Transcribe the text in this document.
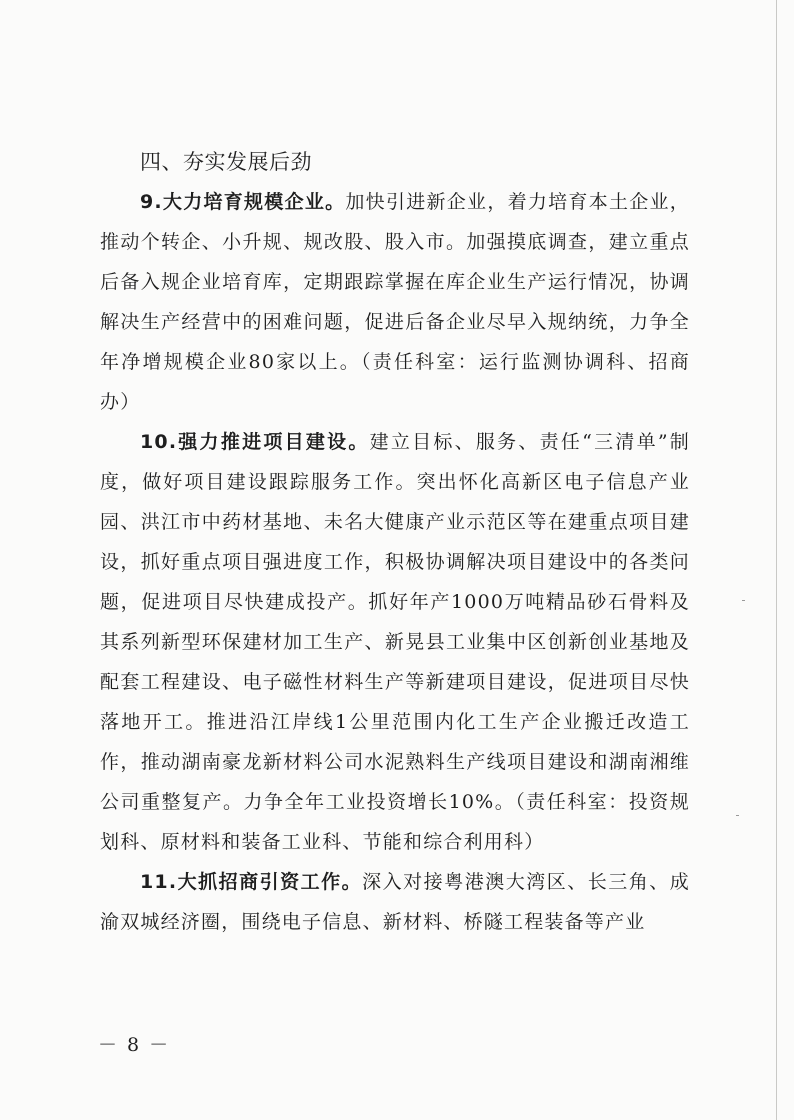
四、夯实发展后劲

9.大力培育规模企业。加快引进新企业，着力培育本土企业，推动个转企、小升规、规改股、股入市。加强摸底调查，建立重点后备入规企业培育库，定期跟踪掌握在库企业生产运行情况，协调解决生产经营中的困难问题，促进后备企业尽早入规纳统，力争全年净增规模企业80家以上。（责任科室：运行监测协调科、招商办）

10.强力推进项目建设。建立目标、服务、责任“三清单”制度，做好项目建设跟踪服务工作。突出怀化高新区电子信息产业园、洪江市中药材基地、未名大健康产业示范区等在建重点项目建设，抓好重点项目强进度工作，积极协调解决项目建设中的各类问题，促进项目尽快建成投产。抓好年产1000万吨精品砂石骨料及其系列新型环保建材加工生产、新晃县工业集中区创新创业基地及配套工程建设、电子磁性材料生产等新建项目建设，促进项目尽快落地开工。推进沿江岸线1公里范围内化工生产企业搬迁改造工作，推动湖南豪龙新材料公司水泥熟料生产线项目建设和湖南湘维公司重整复产。力争全年工业投资增长10%。（责任科室：投资规划科、原材料和装备工业科、节能和综合利用科）

11.大抓招商引资工作。深入对接粤港澳大湾区、长三角、成渝双城经济圈，围绕电子信息、新材料、桥隧工程装备等产业

－ 8 －
